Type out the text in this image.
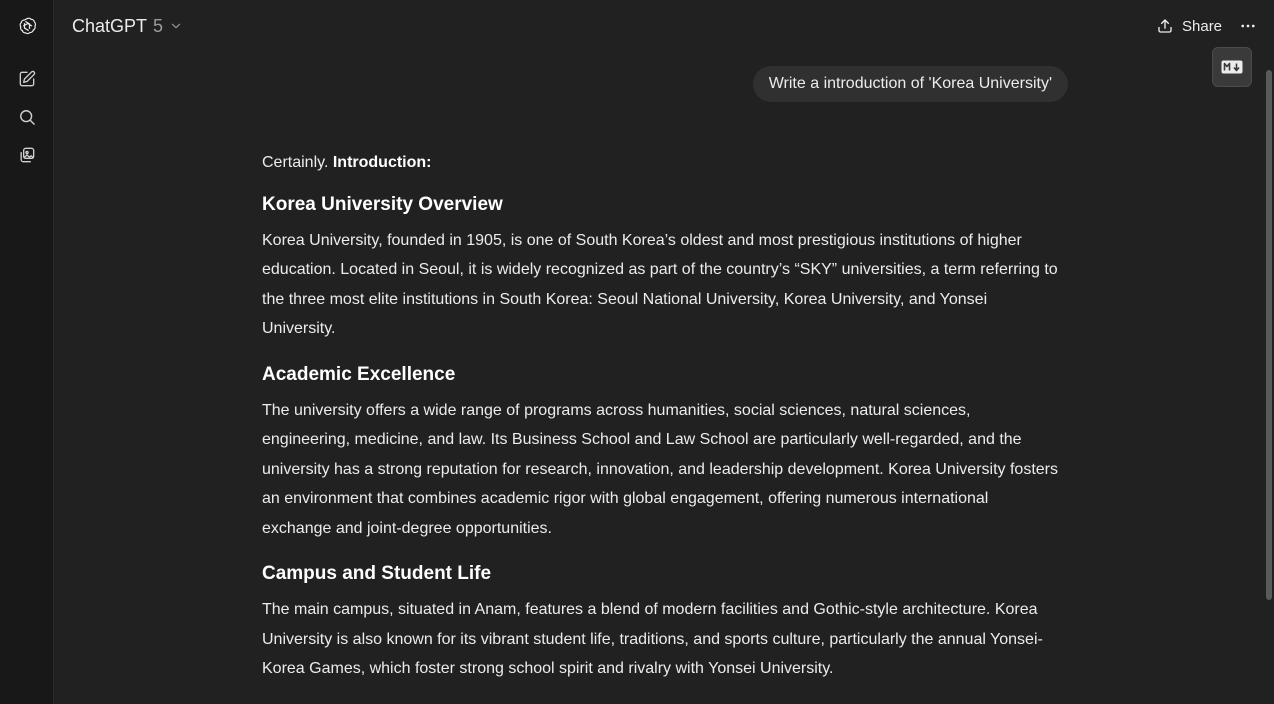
ChatGPT 5	Share
Write a introduction of 'Korea University'

Certainly. Introduction:

Korea University Overview

Korea University, founded in 1905, is one of South Korea’s oldest and most prestigious institutions of higher education. Located in Seoul, it is widely recognized as part of the country’s “SKY” universities, a term referring to the three most elite institutions in South Korea: Seoul National University, Korea University, and Yonsei University.

Academic Excellence

The university offers a wide range of programs across humanities, social sciences, natural sciences, engineering, medicine, and law. Its Business School and Law School are particularly well-regarded, and the university has a strong reputation for research, innovation, and leadership development. Korea University fosters an environment that combines academic rigor with global engagement, offering numerous international exchange and joint-degree opportunities.

Campus and Student Life

The main campus, situated in Anam, features a blend of modern facilities and Gothic-style architecture. Korea University is also known for its vibrant student life, traditions, and sports culture, particularly the annual Yonsei-Korea Games, which foster strong school spirit and rivalry with Yonsei University.
